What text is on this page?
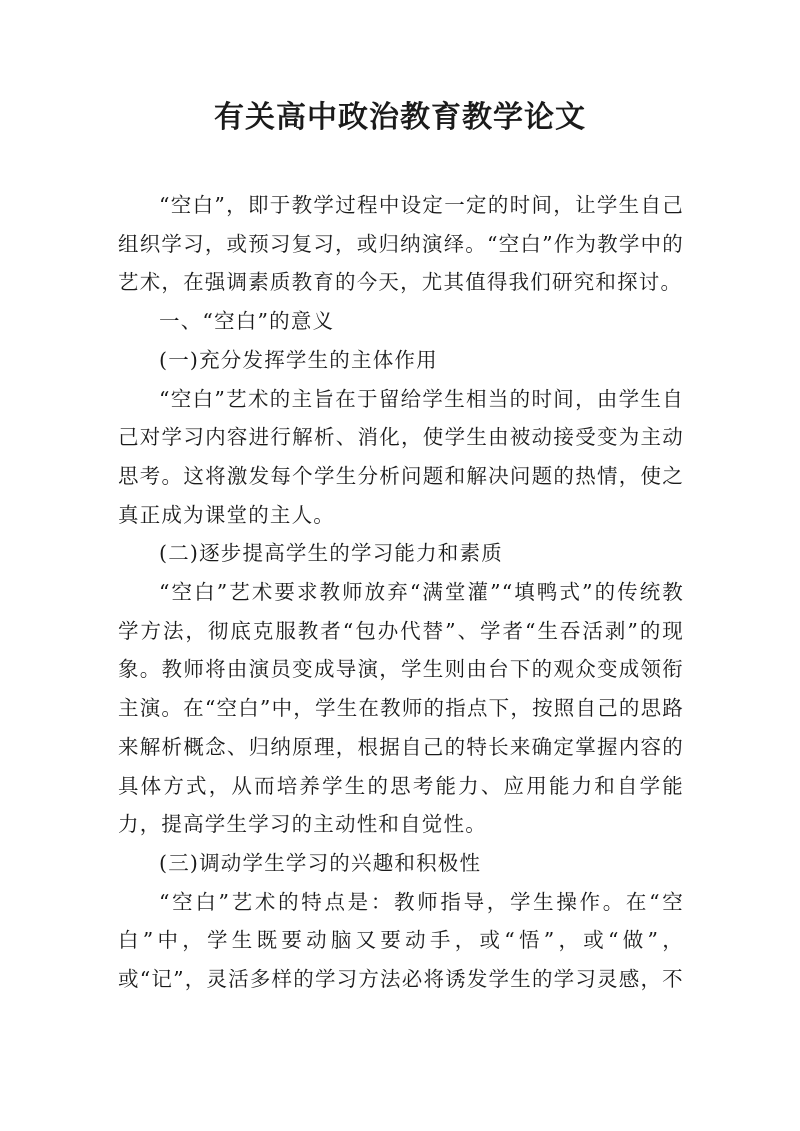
有关高中政治教育教学论文

“空白”，即于教学过程中设定一定的时间，让学生自己组织学习，或预习复习，或归纳演绎。“空白”作为教学中的艺术，在强调素质教育的今天，尤其值得我们研究和探讨。

一、“空白”的意义

(一)充分发挥学生的主体作用

“空白”艺术的主旨在于留给学生相当的时间，由学生自己对学习内容进行解析、消化，使学生由被动接受变为主动思考。这将激发每个学生分析问题和解决问题的热情，使之真正成为课堂的主人。

(二)逐步提高学生的学习能力和素质

“空白”艺术要求教师放弃“满堂灌”“填鸭式”的传统教学方法，彻底克服教者“包办代替”、学者“生吞活剥”的现象。教师将由演员变成导演，学生则由台下的观众变成领衔主演。在“空白”中，学生在教师的指点下，按照自己的思路来解析概念、归纳原理，根据自己的特长来确定掌握内容的具体方式，从而培养学生的思考能力、应用能力和自学能力，提高学生学习的主动性和自觉性。

(三)调动学生学习的兴趣和积极性

“空白”艺术的特点是：教师指导，学生操作。在“空白”中，学生既要动脑又要动手，或“悟”，或“做”，或“记”，灵活多样的学习方法必将诱发学生的学习灵感，不
